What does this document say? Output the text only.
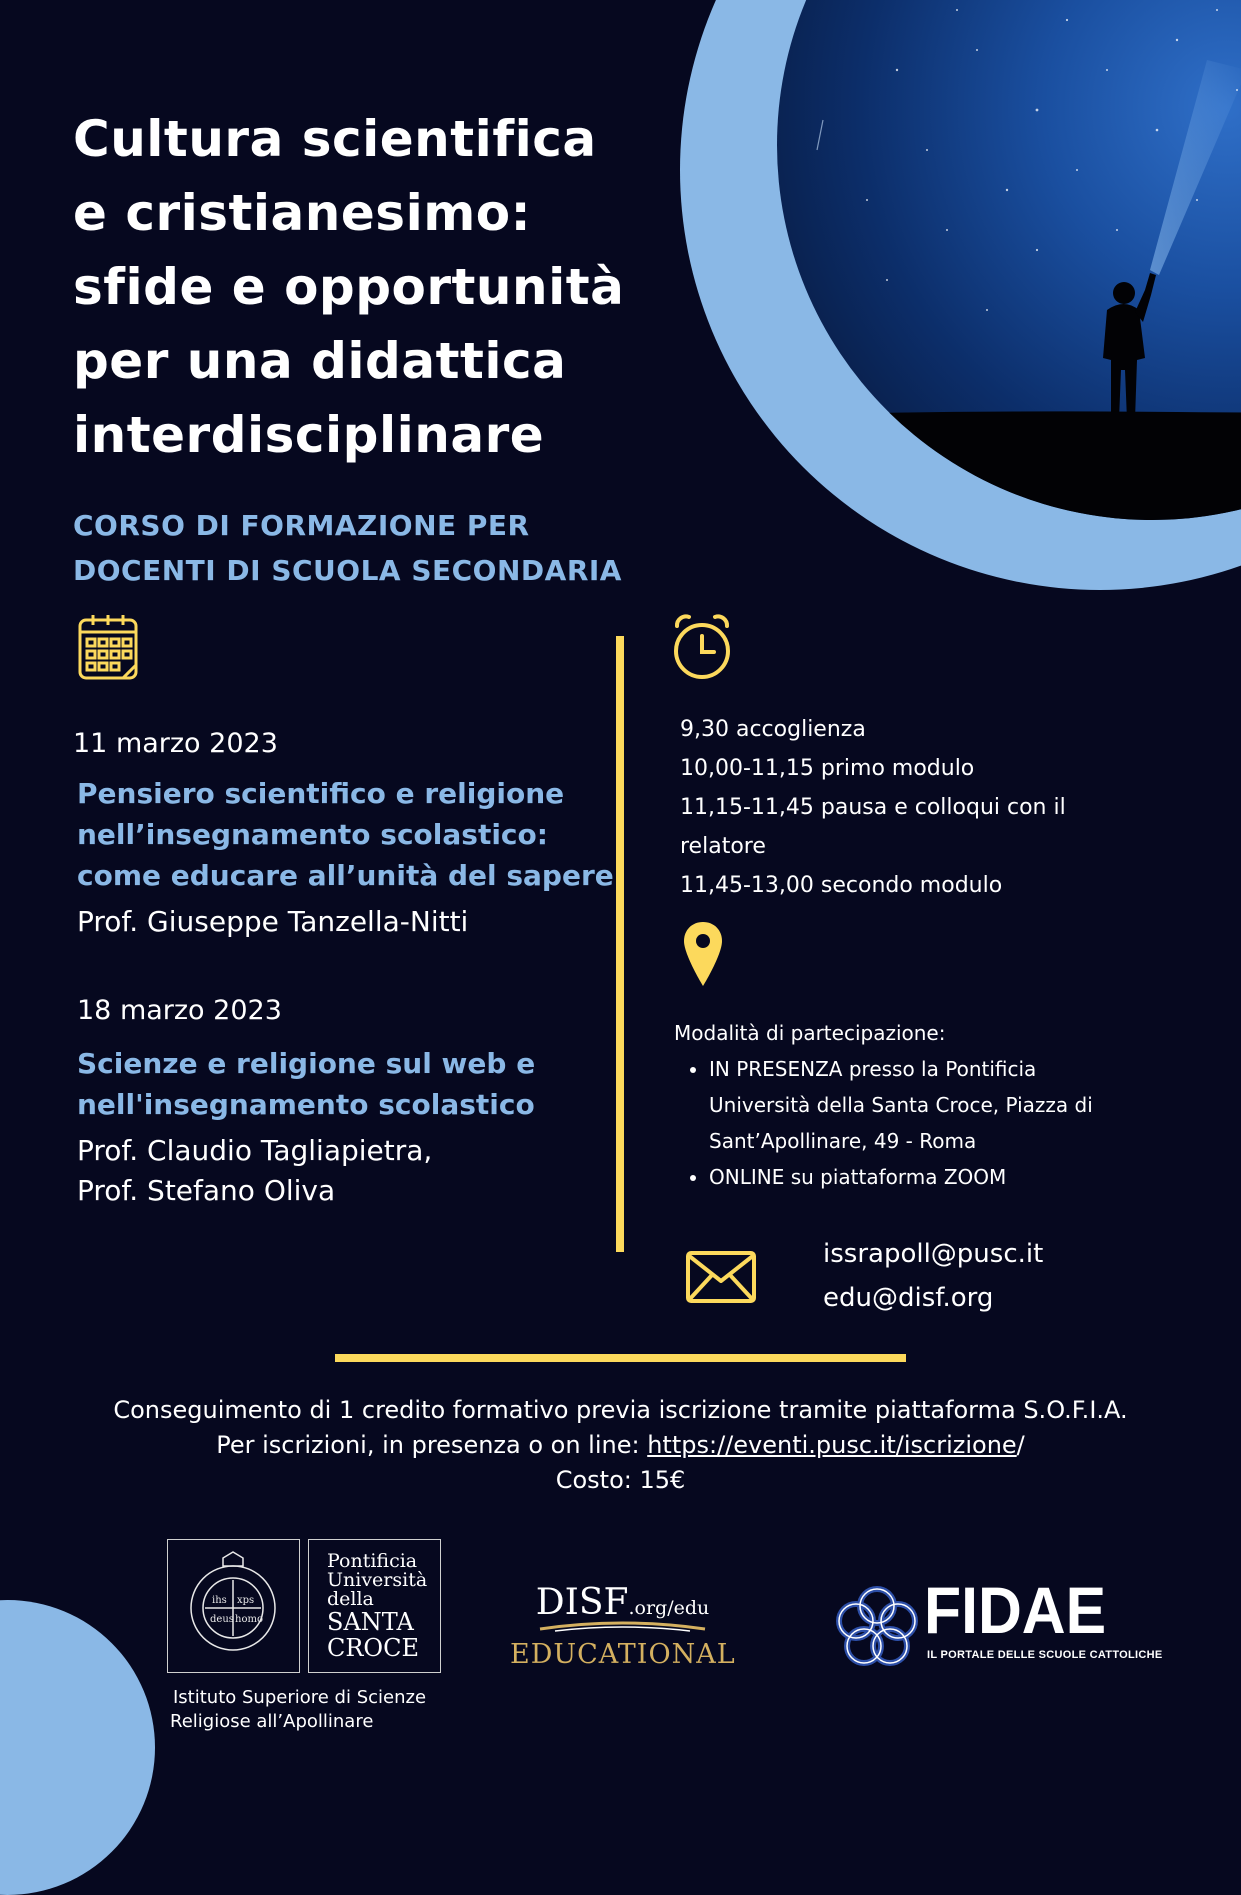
Cultura scientifica
e cristianesimo:
sfide e opportunità
per una didattica
interdisciplinare
CORSO DI FORMAZIONE PER
DOCENTI DI SCUOLA SECONDARIA
11 marzo 2023

Pensiero scientifico e religione
nell’insegnamento scolastico:
come educare all’unità del sapere

Prof. Giuseppe Tanzella-Nitti
18 marzo 2023

Scienze e religione sul web e
nell'insegnamento scolastico

Prof. Claudio Tagliapietra,
Prof. Stefano Oliva
9,30 accoglienza
10,00-11,15 primo modulo
11,15-11,45 pausa e colloqui con il
relatore
11,45-13,00 secondo modulo
Modalità di partecipazione:
• IN PRESENZA presso la Pontificia
Università della Santa Croce, Piazza di
Sant’Apollinare, 49 - Roma
• ONLINE su piattaforma ZOOM
issrapoll@pusc.it
edu@disf.org
Conseguimento di 1 credito formativo previa iscrizione tramite piattaforma S.O.F.I.A.
Per iscrizioni, in presenza o on line: https://eventi.pusc.it/iscrizione/
Costo: 15€
ihs xps
deus homo
Pontificia
Università
della
SANTA
CROCE
Istituto Superiore di Scienze
Religiose all’Apollinare
DISF.org/edu
EDUCATIONAL
FIDAE
IL PORTALE DELLE SCUOLE CATTOLICHE
